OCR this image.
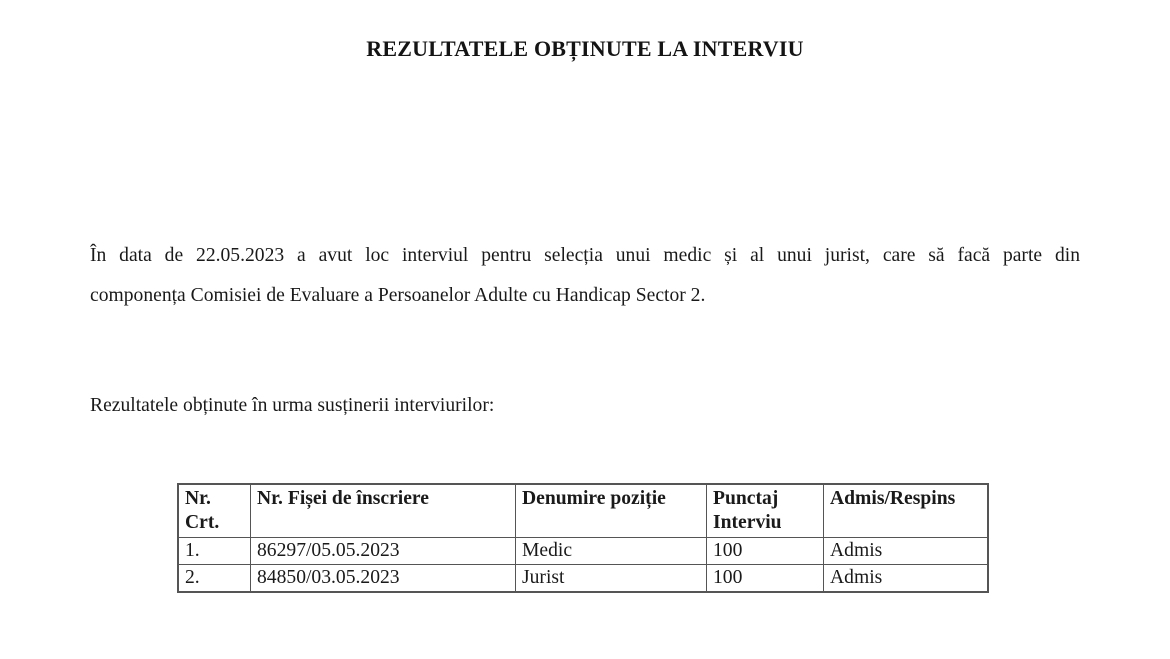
REZULTATELE OBȚINUTE LA INTERVIU
În data de 22.05.2023 a avut loc interviul pentru selecția unui medic și al unui jurist, care să facă parte din
componența Comisiei de Evaluare a Persoanelor Adulte cu Handicap Sector 2.
Rezultatele obținute în urma susținerii interviurilor:
Nr. Crt.	Nr. Fișei de înscriere	Denumire poziție	Punctaj Interviu	Admis/Respins
1.	86297/05.05.2023	Medic	100	Admis
2.	84850/03.05.2023	Jurist	100	Admis
